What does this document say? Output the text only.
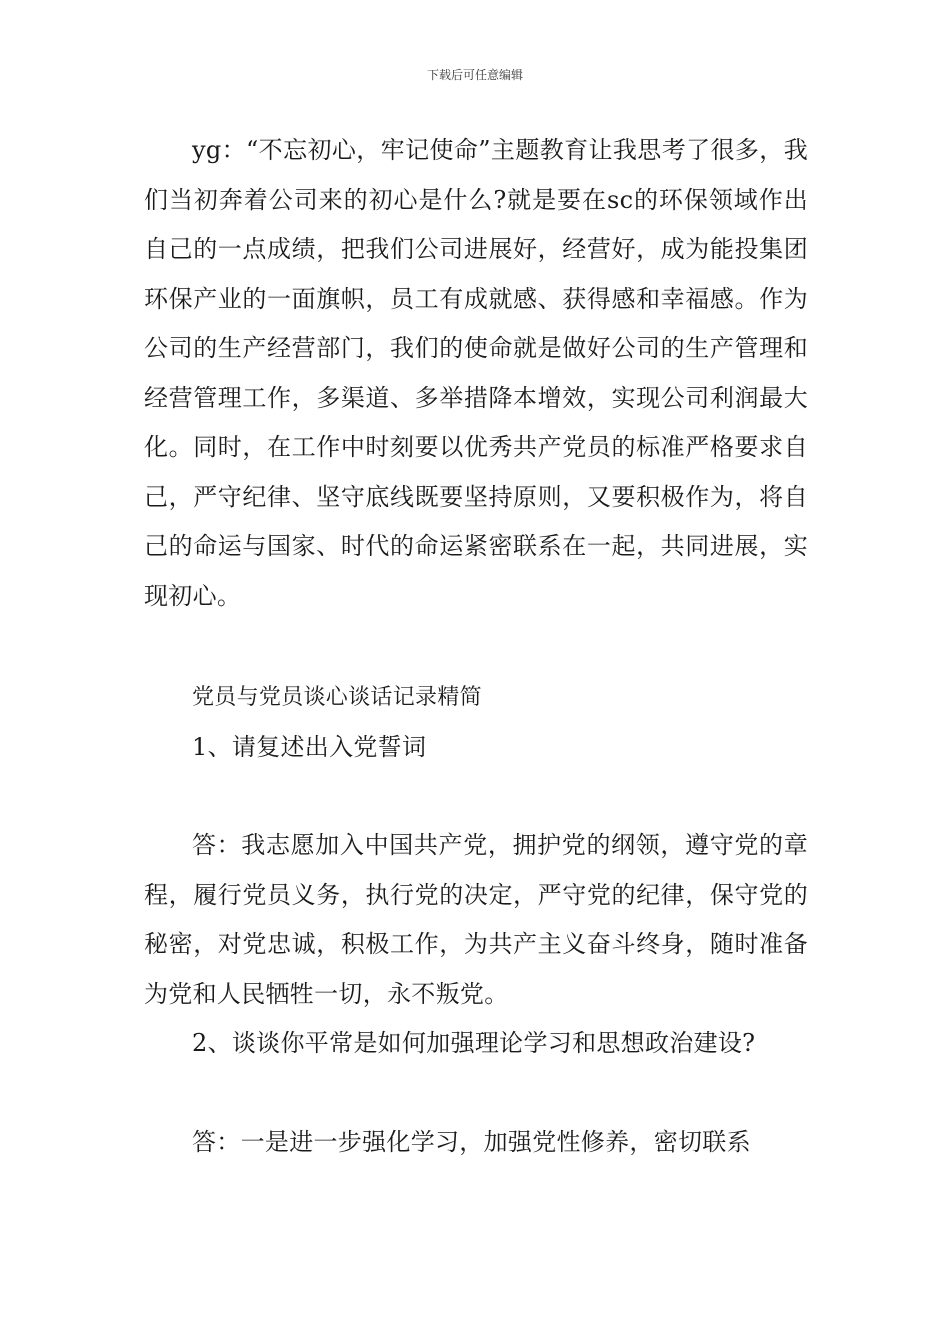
下载后可任意编辑

yg：“不忘初心，牢记使命”主题教育让我思考了很多，我们当初奔着公司来的初心是什么?就是要在sc的环保领域作出自己的一点成绩，把我们公司进展好，经营好，成为能投集团环保产业的一面旗帜，员工有成就感、获得感和幸福感。作为公司的生产经营部门，我们的使命就是做好公司的生产管理和经营管理工作，多渠道、多举措降本增效，实现公司利润最大化。同时，在工作中时刻要以优秀共产党员的标准严格要求自己，严守纪律、坚守底线既要坚持原则，又要积极作为，将自己的命运与国家、时代的命运紧密联系在一起，共同进展，实现初心。

党员与党员谈心谈话记录精简

1、请复述出入党誓词

答：我志愿加入中国共产党，拥护党的纲领，遵守党的章程，履行党员义务，执行党的决定，严守党的纪律，保守党的秘密，对党忠诚，积极工作，为共产主义奋斗终身，随时准备为党和人民牺牲一切，永不叛党。

2、谈谈你平常是如何加强理论学习和思想政治建设?

答：一是进一步强化学习，加强党性修养，密切联系
